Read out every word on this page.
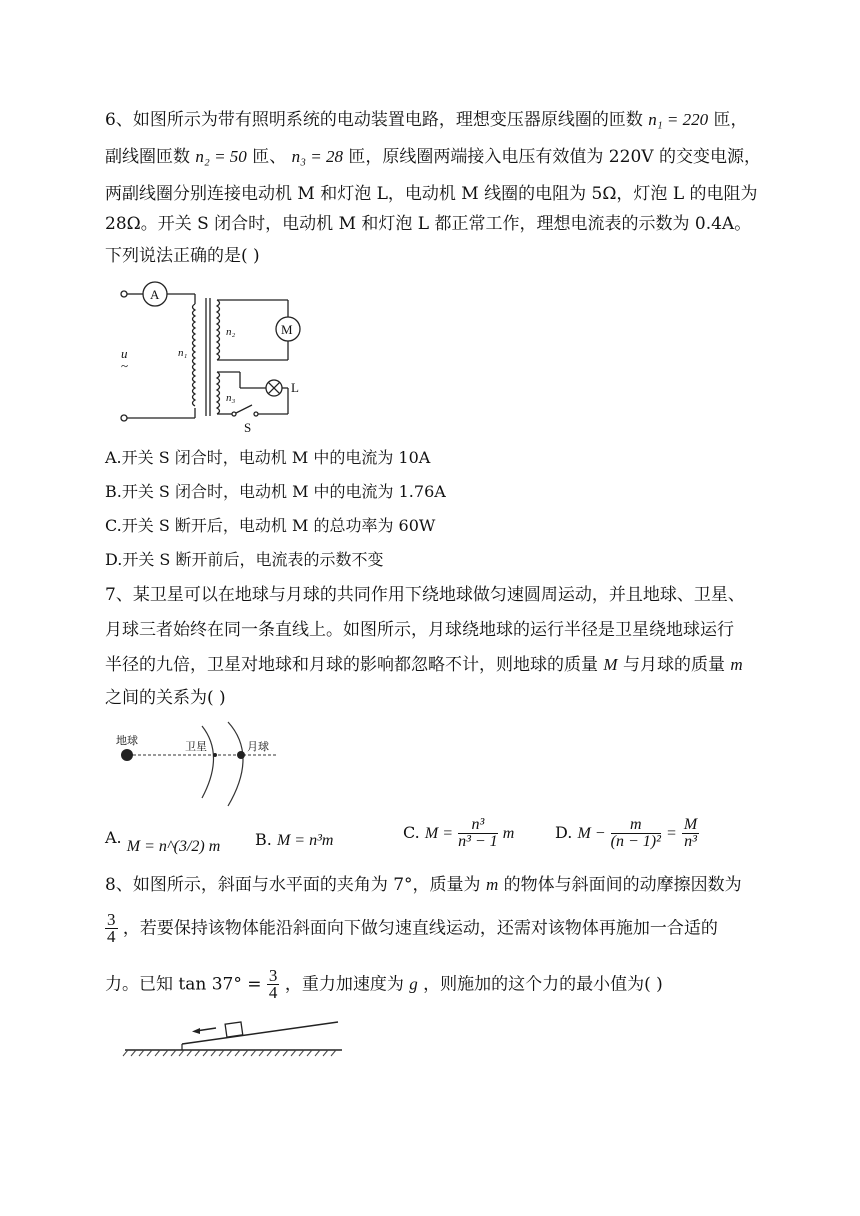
6、如图所示为带有照明系统的电动装置电路，理想变压器原线圈的匝数 n₁ = 220 匝，
副线圈匝数 n₂ = 50 匝、 n₃ = 28 匝，原线圈两端接入电压有效值为 220V 的交变电源，
两副线圈分别连接电动机 M 和灯泡 L，电动机 M 线圈的电阻为 5Ω，灯泡 L 的电阻为
28Ω。开关 S 闭合时，电动机 M 和灯泡 L 都正常工作，理想电流表的示数为 0.4A。
下列说法正确的是( )
A
M
L
S
u
~
n₁
n₂
n₃
A.开关 S 闭合时，电动机 M 中的电流为 10A
B.开关 S 闭合时，电动机 M 中的电流为 1.76A
C.开关 S 断开后，电动机 M 的总功率为 60W
D.开关 S 断开前后，电流表的示数不变
7、某卫星可以在地球与月球的共同作用下绕地球做匀速圆周运动，并且地球、卫星、
月球三者始终在同一条直线上。如图所示，月球绕地球的运行半径是卫星绕地球运行
半径的九倍，卫星对地球和月球的影响都忽略不计，则地球的质量 M 与月球的质量 m
之间的关系为( )
地球	卫星	月球
A. M = n^(3/2) m B. M = n³m	C. $M = \frac{\text{n³}}{\text{n³ − 1}}$ m	D. $M - \frac{m}{\text{(n − 1)²}} = \frac{M}{\text{n³}}$
8、如图所示，斜面与水平面的夹角为 7°，质量为 m 的物体与斜面间的动摩擦因数为
$\frac{3}{4}$ ，若要保持该物体能沿斜面向下做匀速直线运动，还需对该物体再施加一合适的
力。已知 $\tan 37^\circ = \frac{3}{4}$ ，重力加速度为 g ，则施加的这个力的最小值为( )
